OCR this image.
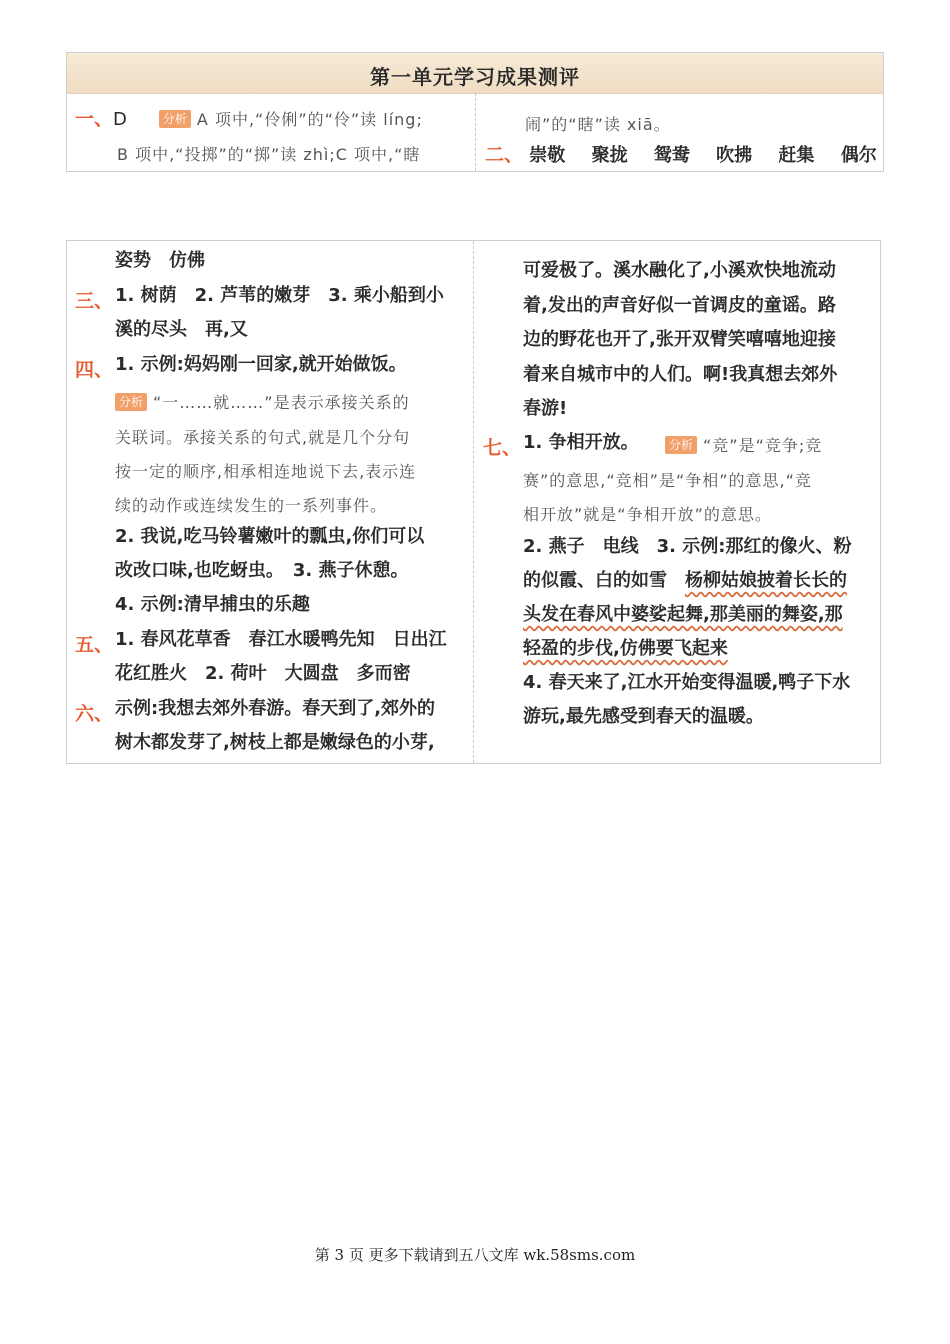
第一单元学习成果测评
一、D	分析 A 项中,“伶俐”的“伶”读 líng;
B 项中,“投掷”的“掷”读 zhì;C 项中,“瞎
闹”的“瞎”读 xiā。
二、 崇敬 聚拢 鸳鸯 吹拂 赶集 偶尔
姿势　仿佛
三、 1. 树荫　2. 芦苇的嫩芽　3. 乘小船到小
溪的尽头　再,又
四、 1. 示例:妈妈刚一回家,就开始做饭。
分析 “一……就……”是表示承接关系的
关联词。承接关系的句式,就是几个分句
按一定的顺序,相承相连地说下去,表示连
续的动作或连续发生的一系列事件。
2. 我说,吃马铃薯嫩叶的瓢虫,你们可以
改改口味,也吃蚜虫。　3. 燕子休憩。
4. 示例:清早捕虫的乐趣
五、 1. 春风花草香　春江水暖鸭先知　日出江
花红胜火　2. 荷叶　大圆盘　多而密
六、 示例:我想去郊外春游。春天到了,郊外的
树木都发芽了,树枝上都是嫩绿色的小芽,
可爱极了。溪水融化了,小溪欢快地流动
着,发出的声音好似一首调皮的童谣。路
边的野花也开了,张开双臂笑嘻嘻地迎接
着来自城市中的人们。啊!我真想去郊外
春游!
七、 1. 争相开放。	分析 “竞”是“竞争;竞
赛”的意思,“竞相”是“争相”的意思,“竞
相开放”就是“争相开放”的意思。
2. 燕子　电线　3. 示例:那红的像火、粉
的似霞、白的如雪　杨柳姑娘披着长长的
头发在春风中婆娑起舞,那美丽的舞姿,那
轻盈的步伐,仿佛要飞起来
4. 春天来了,江水开始变得温暖,鸭子下水
游玩,最先感受到春天的温暖。
第 3 页 更多下载请到五八文库 wk.58sms.com
